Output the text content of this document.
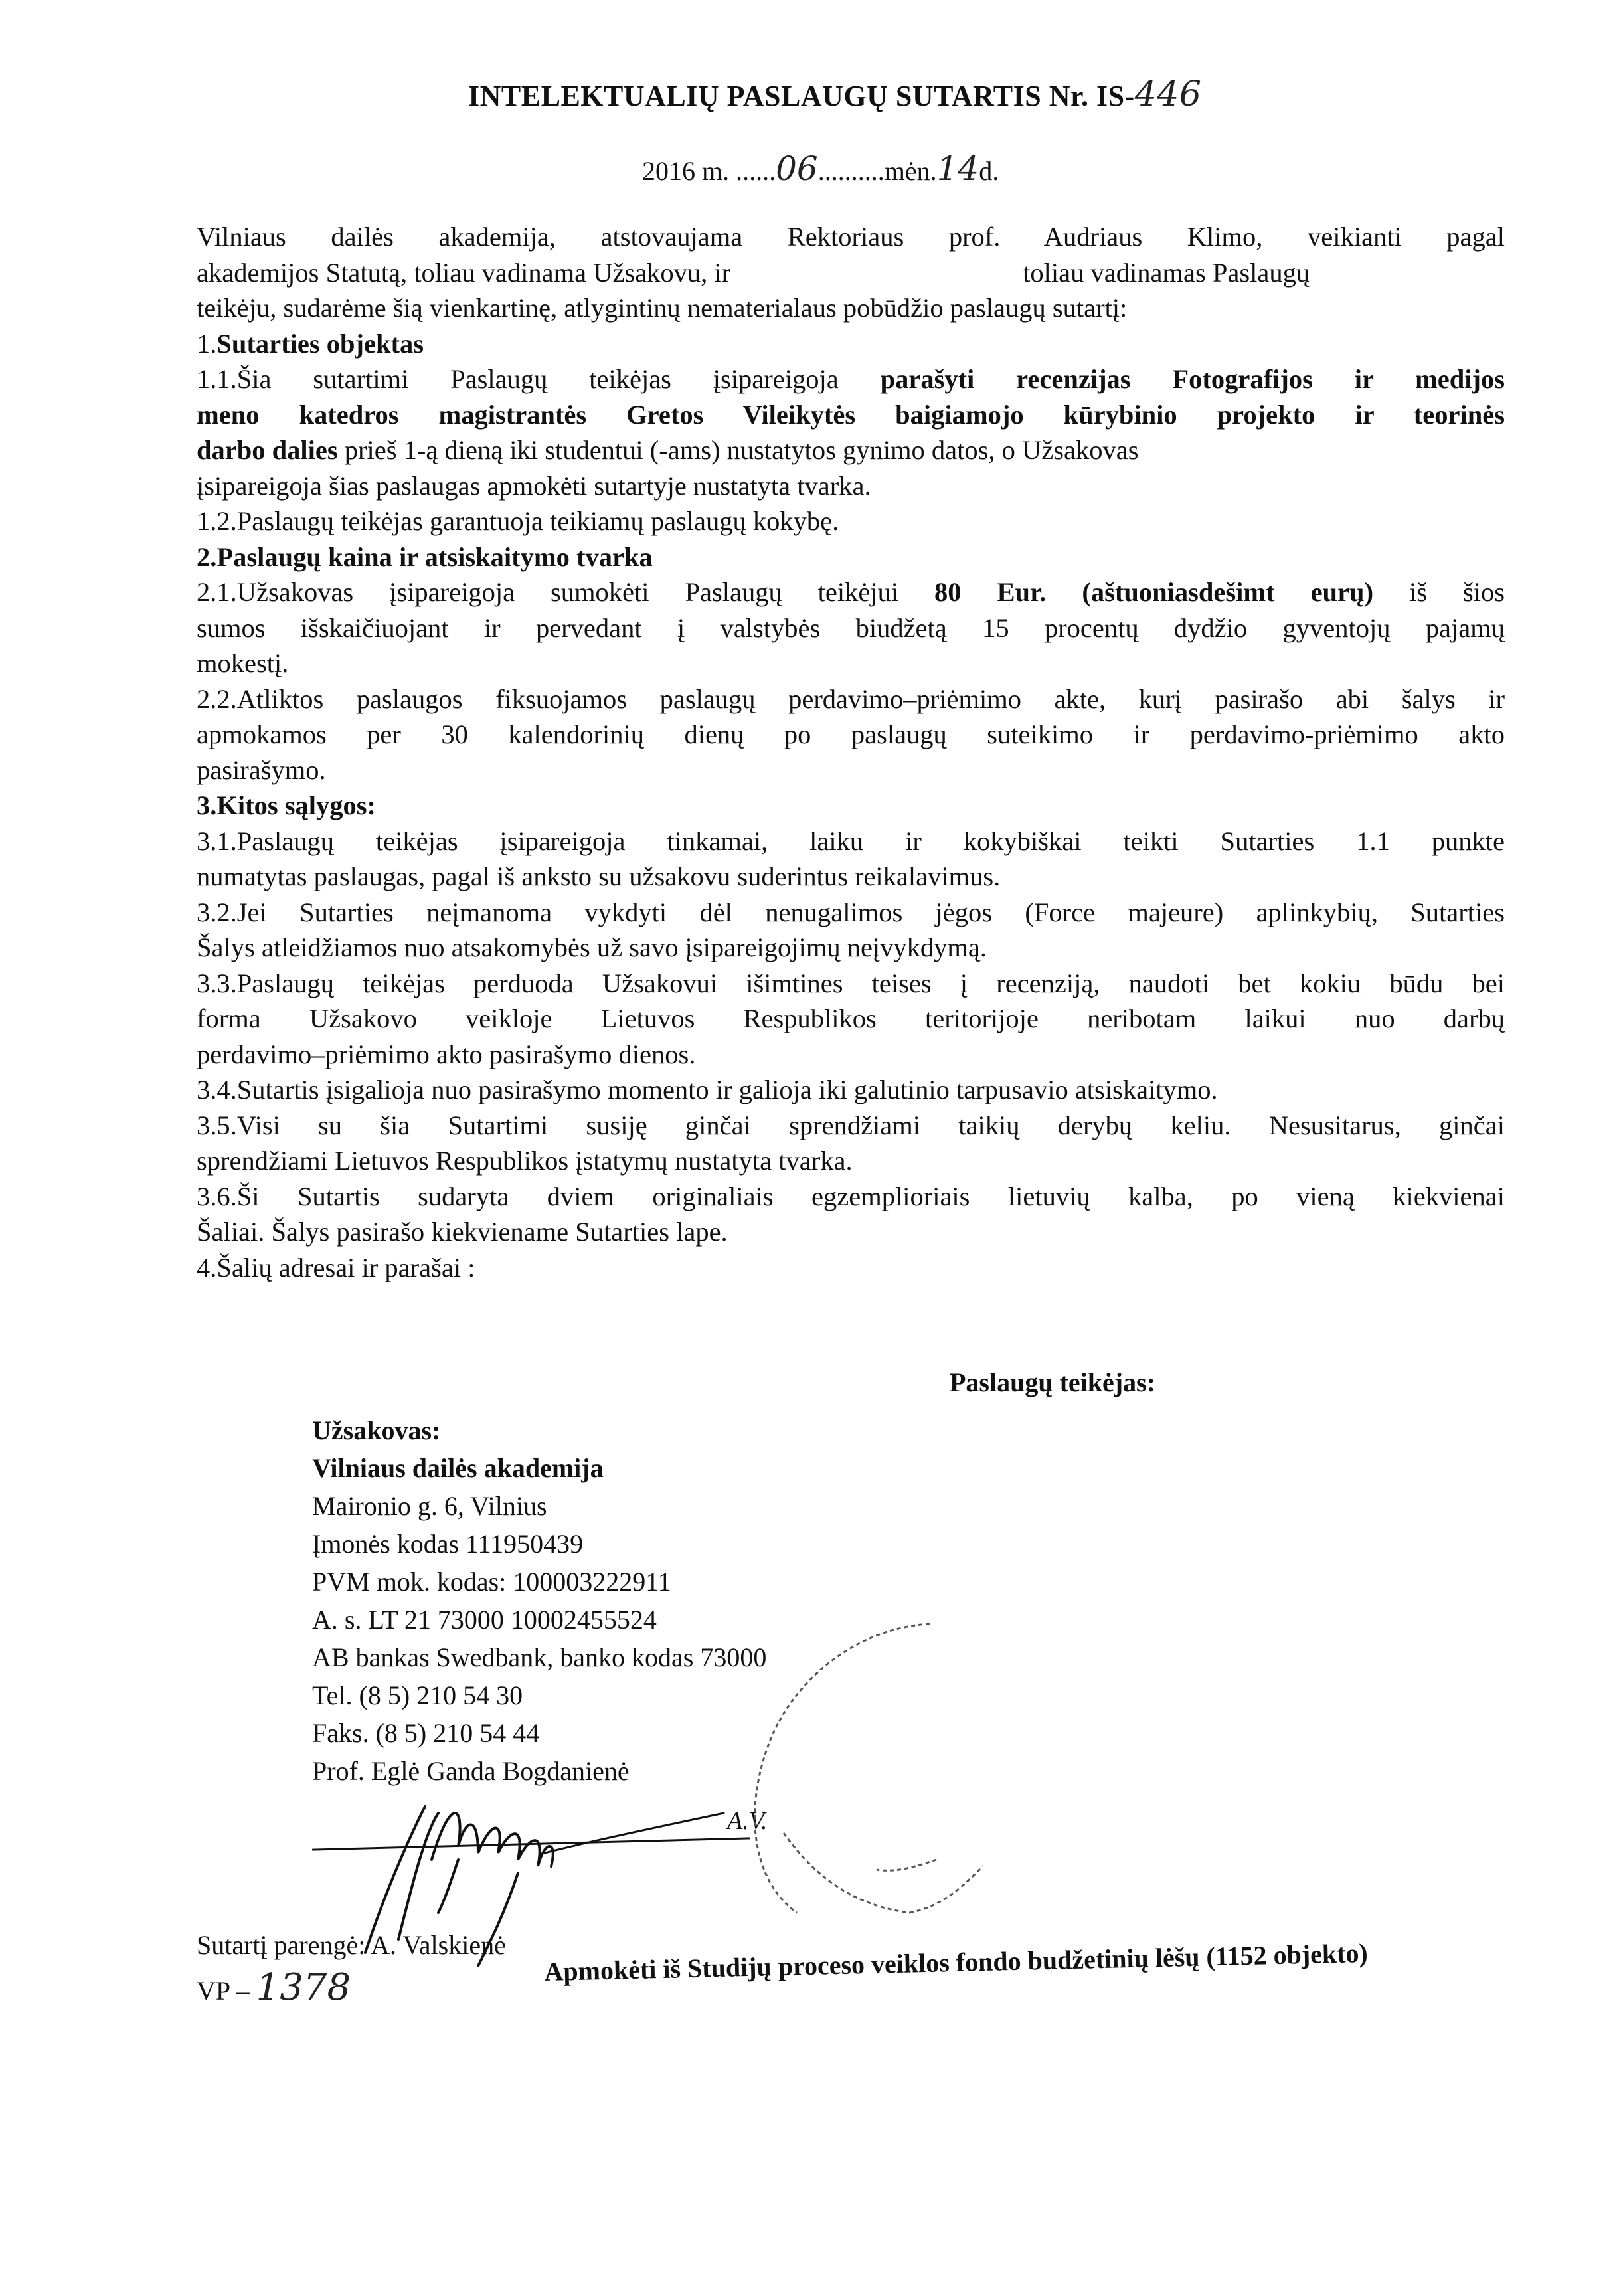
INTELEKTUALIŲ PASLAUGŲ SUTARTIS Nr. IS-446
2016 m. ......06..........mėn.14d.
Vilniaus dailės akademija, atstovaujama Rektoriaus prof. Audriaus Klimo, veikianti pagal
akademijos Statutą, toliau vadinama Užsakovu, ir	toliau vadinamas Paslaugų
teikėju, sudarėme šią vienkartinę, atlygintinų nematerialaus pobūdžio paslaugų sutartį:
1.Sutarties objektas
1.1.Šia sutartimi Paslaugų teikėjas įsipareigoja parašyti recenzijas Fotografijos ir medijos
meno katedros magistrantės Gretos Vileikytės baigiamojo kūrybinio projekto ir teorinės
darbo dalies prieš 1-ą dieną iki studentui (-ams) nustatytos gynimo datos, o Užsakovas
įsipareigoja šias paslaugas apmokėti sutartyje nustatyta tvarka.
1.2.Paslaugų teikėjas garantuoja teikiamų paslaugų kokybę.
2.Paslaugų kaina ir atsiskaitymo tvarka
2.1.Užsakovas įsipareigoja sumokėti Paslaugų teikėjui 80 Eur. (aštuoniasdešimt eurų) iš šios
sumos išskaičiuojant ir pervedant į valstybės biudžetą 15 procentų dydžio gyventojų pajamų
mokestį.
2.2.Atliktos paslaugos fiksuojamos paslaugų perdavimo–priėmimo akte, kurį pasirašo abi šalys ir
apmokamos per 30 kalendorinių dienų po paslaugų suteikimo ir perdavimo-priėmimo akto
pasirašymo.
3.Kitos sąlygos:
3.1.Paslaugų teikėjas įsipareigoja tinkamai, laiku ir kokybiškai teikti Sutarties 1.1 punkte
numatytas paslaugas, pagal iš anksto su užsakovu suderintus reikalavimus.
3.2.Jei Sutarties neįmanoma vykdyti dėl nenugalimos jėgos (Force majeure) aplinkybių, Sutarties
Šalys atleidžiamos nuo atsakomybės už savo įsipareigojimų neįvykdymą.
3.3.Paslaugų teikėjas perduoda Užsakovui išimtines teises į recenziją, naudoti bet kokiu būdu bei
forma Užsakovo veikloje Lietuvos Respublikos teritorijoje neribotam laikui nuo darbų
perdavimo–priėmimo akto pasirašymo dienos.
3.4.Sutartis įsigalioja nuo pasirašymo momento ir galioja iki galutinio tarpusavio atsiskaitymo.
3.5.Visi su šia Sutartimi susiję ginčai sprendžiami taikių derybų keliu. Nesusitarus, ginčai
sprendžiami Lietuvos Respublikos įstatymų nustatyta tvarka.
3.6.Ši Sutartis sudaryta dviem originaliais egzemplioriais lietuvių kalba, po vieną kiekvienai
Šaliai. Šalys pasirašo kiekviename Sutarties lape.
4.Šalių adresai ir parašai :
Paslaugų teikėjas:
Užsakovas:
Vilniaus dailės akademija
Maironio g. 6, Vilnius
Įmonės kodas 111950439
PVM mok. kodas: 100003222911
A. s. LT 21 73000 10002455524
AB bankas Swedbank, banko kodas 73000
Tel. (8 5) 210 54 30
Faks. (8 5) 210 54 44
Prof. Eglė Ganda Bogdanienė
A.V.
Sutartį parengė: A. Valskienė
VP – 1378
Apmokėti iš Studijų proceso veiklos fondo budžetinių lėšų (1152 objekto)
